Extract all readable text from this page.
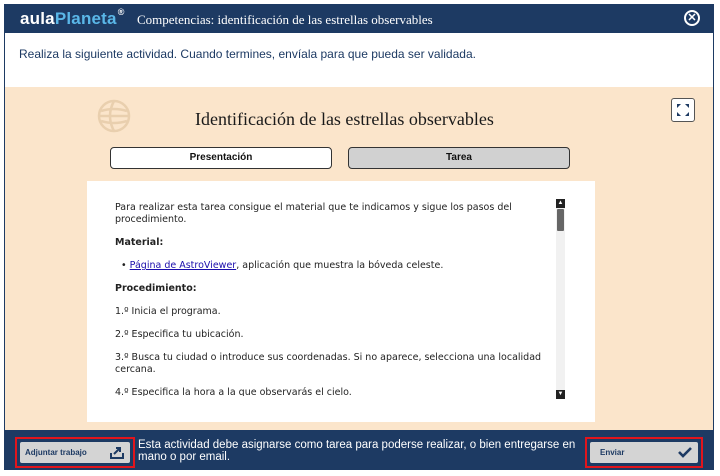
aulaPlaneta® Competencias: identificación de las estrellas observables	✕
Realiza la siguiente actividad. Cuando termines, envíala para que pueda ser validada.
Identificación de las estrellas observables
Presentación	Tarea

Para realizar esta tarea consigue el material que te indicamos y sigue los pasos del procedimiento.

Material:

• Página de AstroViewer, aplicación que muestra la bóveda celeste.

Procedimiento:

1.º Inicia el programa.

2.º Especifica tu ubicación.

3.º Busca tu ciudad o introduce sus coordenadas. Si no aparece, selecciona una localidad cercana.

4.º Especifica la hora a la que observarás el cielo.

▲
▼
Adjuntar trabajo
Esta actividad debe asignarse como tarea para poderse realizar, o bien entregarse en mano o por email.	Enviar
